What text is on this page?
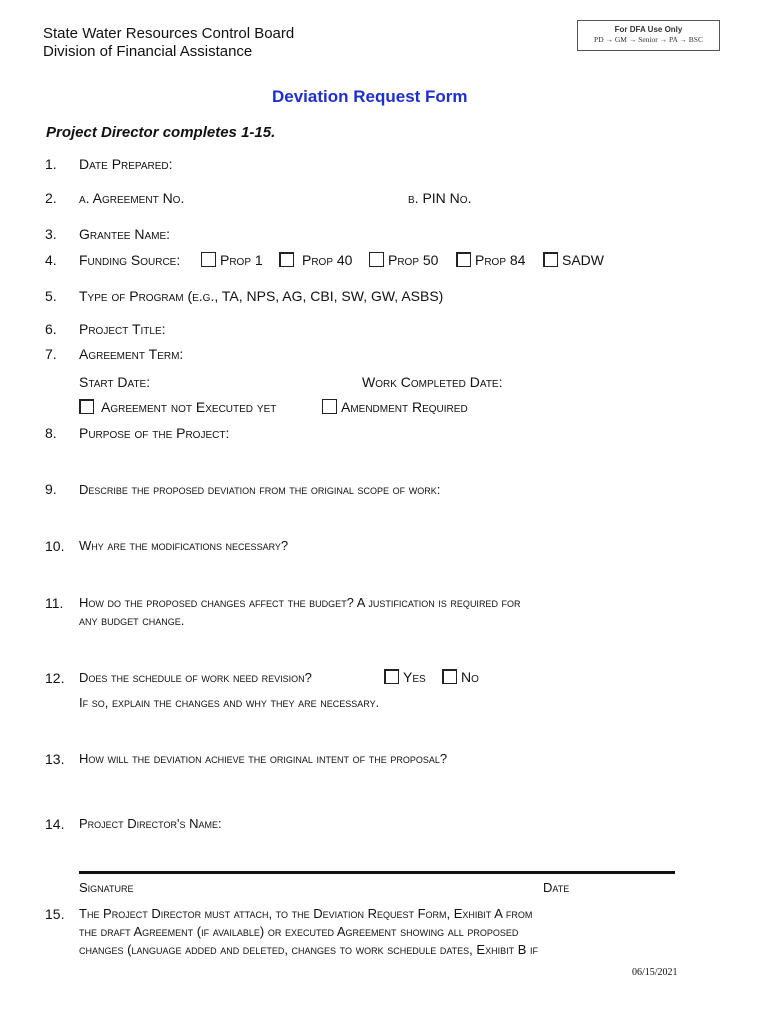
State Water Resources Control Board
Division of Financial Assistance
For DFA Use Only
PD → GM → Senior → PA → BSC
Deviation Request Form
Project Director completes 1-15.
1. Date Prepared:
2. a. Agreement No.	b. PIN No.
3. Grantee Name:
4. Funding Source:	Prop 1	Prop 40	Prop 50	Prop 84	SADW
5. Type of Program (e.g., TA, NPS, AG, CBI, SW, GW, ASBS)
6. Project Title:
7. Agreement Term:
Start Date:	Work Completed Date:
Agreement not Executed yet	Amendment Required
8. Purpose of the Project:
9. Describe the proposed deviation from the original scope of work:
10. Why are the modifications necessary?
11. How do the proposed changes affect the budget? A justification is required for
any budget change.
12. Does the schedule of work need revision?	Yes	No
If so, explain the changes and why they are necessary.
13. How will the deviation achieve the original intent of the proposal?
14. Project Director's Name:
Signature	Date
15. The Project Director must attach, to the Deviation Request Form, Exhibit A from
the draft Agreement (if available) or executed Agreement showing all proposed
changes (language added and deleted, changes to work schedule dates, Exhibit B if
06/15/2021
